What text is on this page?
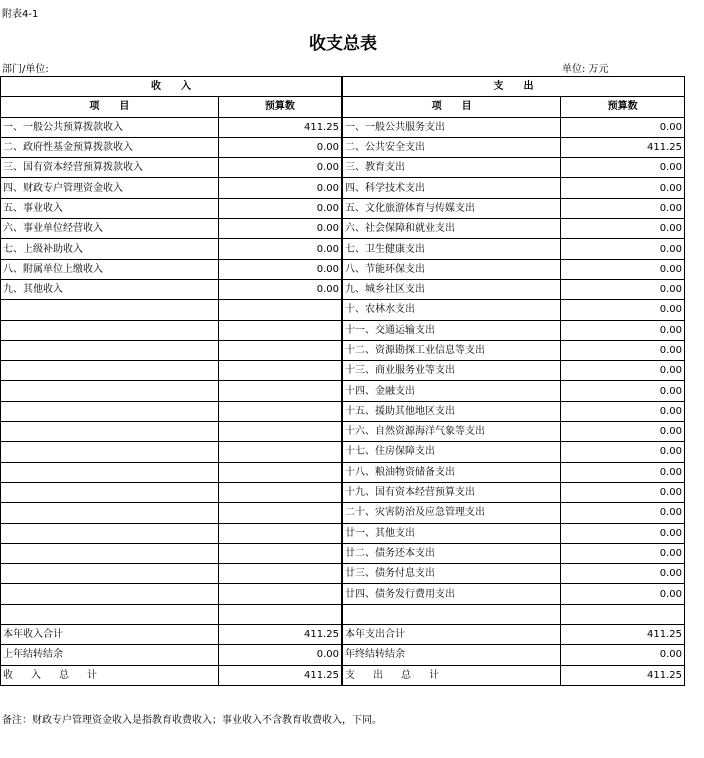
附表4-1
收支总表
部门/单位:	单位: 万元
收　　入		支　　出	
项　　目	预算数	项　　目	预算数
一、一般公共预算拨款收入	411.25	一、一般公共服务支出	0.00
二、政府性基金预算拨款收入	0.00	二、公共安全支出	411.25
三、国有资本经营预算拨款收入	0.00	三、教育支出	0.00
四、财政专户管理资金收入	0.00	四、科学技术支出	0.00
五、事业收入	0.00	五、文化旅游体育与传媒支出	0.00
六、事业单位经营收入	0.00	六、社会保障和就业支出	0.00
七、上级补助收入	0.00	七、卫生健康支出	0.00
八、附属单位上缴收入	0.00	八、节能环保支出	0.00
九、其他收入	0.00	九、城乡社区支出	0.00
		十、农林水支出	0.00
		十一、交通运输支出	0.00
		十二、资源勘探工业信息等支出	0.00
		十三、商业服务业等支出	0.00
		十四、金融支出	0.00
		十五、援助其他地区支出	0.00
		十六、自然资源海洋气象等支出	0.00
		十七、住房保障支出	0.00
		十八、粮油物资储备支出	0.00
		十九、国有资本经营预算支出	0.00
		二十、灾害防治及应急管理支出	0.00
		廿一、其他支出	0.00
		廿二、债务还本支出	0.00
		廿三、债务付息支出	0.00
		廿四、债务发行费用支出	0.00

本年收入合计	411.25	本年支出合计	411.25
上年结转结余	0.00	年终结转结余	0.00
收入总计	411.25	支出总计	411.25
备注：财政专户管理资金收入是指教育收费收入；事业收入不含教育收费收入，下同。
